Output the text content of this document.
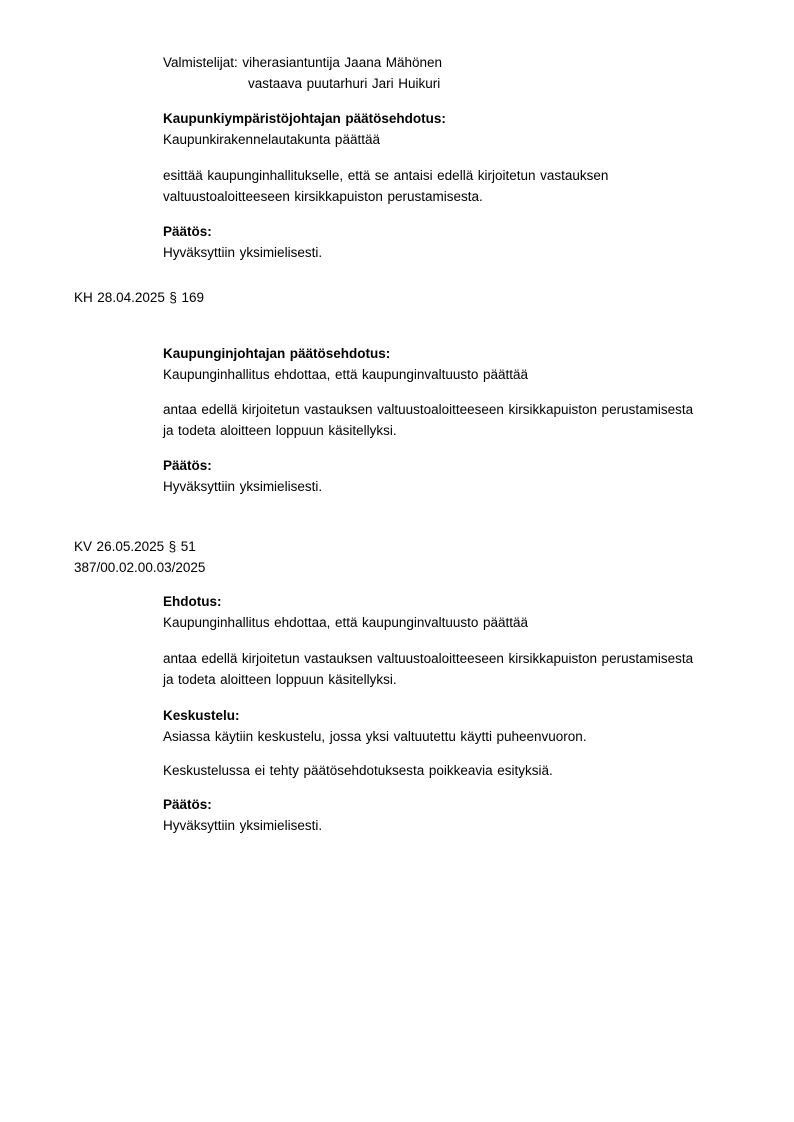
Valmistelijat: viherasiantuntija Jaana Mähönen
vastaava puutarhuri Jari Huikuri
Kaupunkiympäristöjohtajan päätösehdotus:
Kaupunkirakennelautakunta päättää
esittää kaupunginhallitukselle, että se antaisi edellä kirjoitetun vastauksen
valtuustoaloitteeseen kirsikkapuiston perustamisesta.
Päätös:
Hyväksyttiin yksimielisesti.
KH 28.04.2025 § 169
Kaupunginjohtajan päätösehdotus:
Kaupunginhallitus ehdottaa, että kaupunginvaltuusto päättää
antaa edellä kirjoitetun vastauksen valtuustoaloitteeseen kirsikkapuiston perustamisesta
ja todeta aloitteen loppuun käsitellyksi.
Päätös:
Hyväksyttiin yksimielisesti.
KV 26.05.2025 § 51
387/00.02.00.03/2025
Ehdotus:
Kaupunginhallitus ehdottaa, että kaupunginvaltuusto päättää
antaa edellä kirjoitetun vastauksen valtuustoaloitteeseen kirsikkapuiston perustamisesta
ja todeta aloitteen loppuun käsitellyksi.
Keskustelu:
Asiassa käytiin keskustelu, jossa yksi valtuutettu käytti puheenvuoron.
Keskustelussa ei tehty päätösehdotuksesta poikkeavia esityksiä.
Päätös:
Hyväksyttiin yksimielisesti.
